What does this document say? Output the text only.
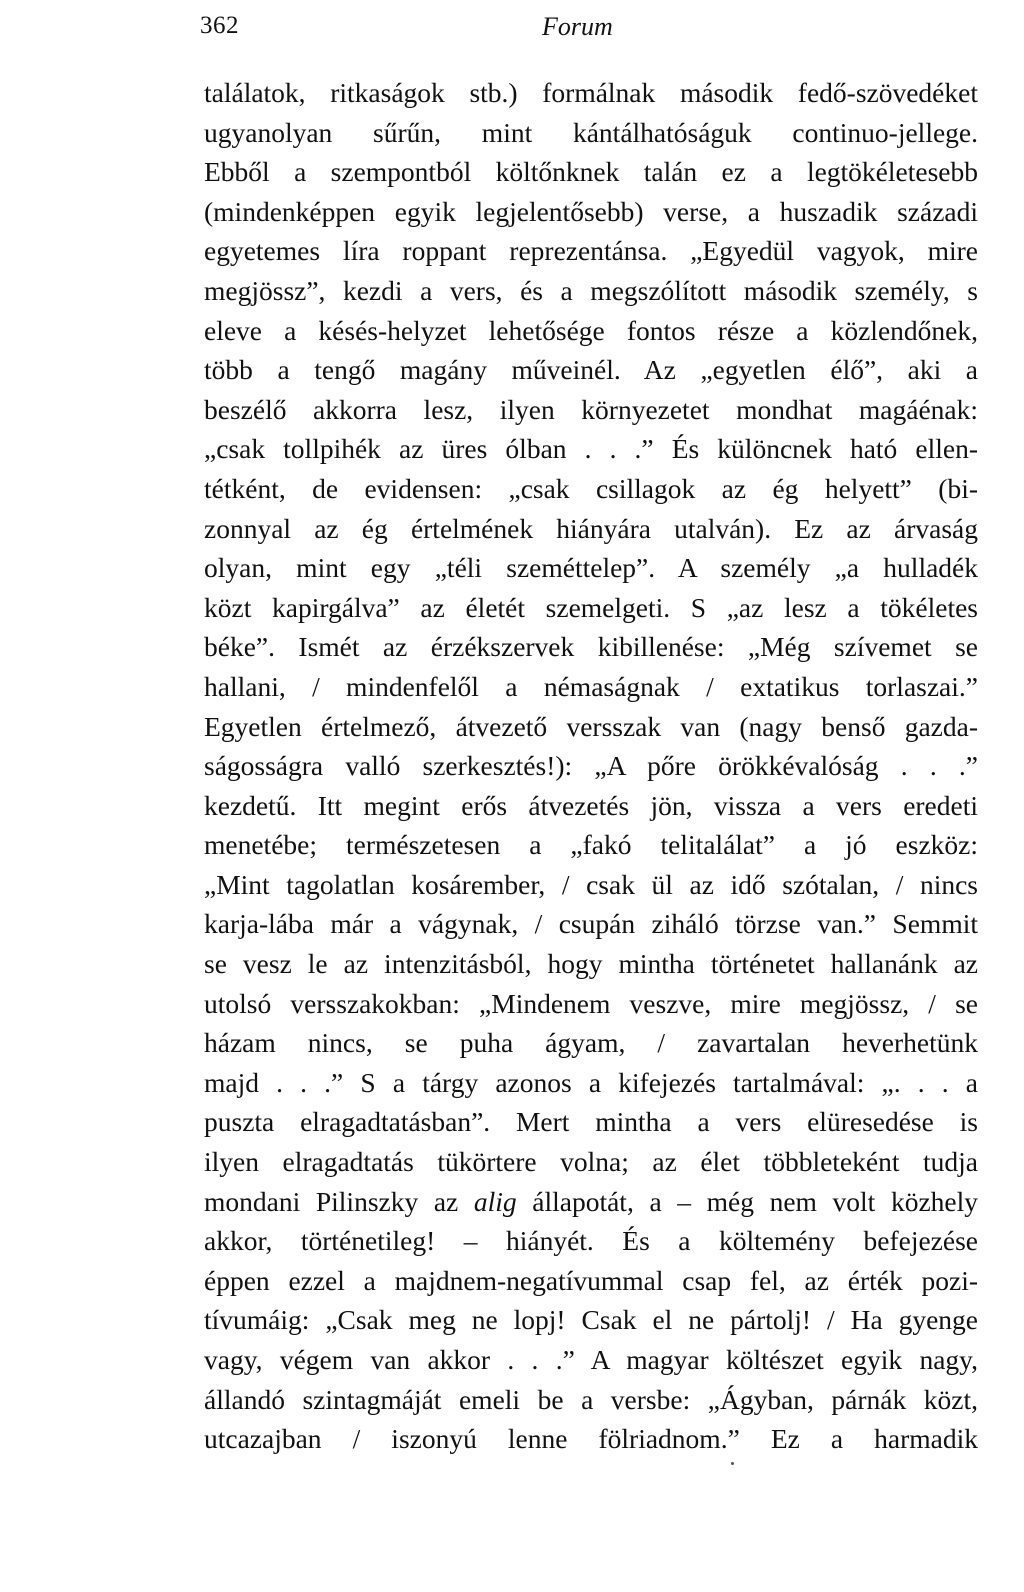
362	Forum
találatok, ritkaságok stb.) formálnak második fedő-szövedéket
ugyanolyan sűrűn, mint kántálhatóságuk continuo-jellege.
Ebből a szempontból költőnknek talán ez a legtökéletesebb
(mindenképpen egyik legjelentősebb) verse, a huszadik századi
egyetemes líra roppant reprezentánsa. „Egyedül vagyok, mire
megjössz”, kezdi a vers, és a megszólított második személy, s
eleve a késés-helyzet lehetősége fontos része a közlendőnek,
több a tengő magány műveinél. Az „egyetlen élő”, aki a
beszélő akkorra lesz, ilyen környezetet mondhat magáénak:
„csak tollpihék az üres ólban . . .” És különcnek ható ellen-
tétként, de evidensen: „csak csillagok az ég helyett” (bi-
zonnyal az ég értelmének hiányára utalván). Ez az árvaság
olyan, mint egy „téli szeméttelep”. A személy „a hulladék
közt kapirgálva” az életét szemelgeti. S „az lesz a tökéletes
béke”. Ismét az érzékszervek kibillenése: „Még szívemet se
hallani, / mindenfelől a némaságnak / extatikus torlaszai.”
Egyetlen értelmező, átvezető versszak van (nagy benső gazda-
ságosságra valló szerkesztés!): „A pőre örökkévalóság . . .”
kezdetű. Itt megint erős átvezetés jön, vissza a vers eredeti
menetébe; természetesen a „fakó telitalálat” a jó eszköz:
„Mint tagolatlan kosárember, / csak ül az idő szótalan, / nincs
karja-lába már a vágynak, / csupán ziháló törzse van.” Semmit
se vesz le az intenzitásból, hogy mintha történetet hallanánk az
utolsó versszakokban: „Mindenem veszve, mire megjössz, / se
házam nincs, se puha ágyam, / zavartalan heverhetünk
majd . . .” S a tárgy azonos a kifejezés tartalmával: „. . . a
puszta elragadtatásban”. Mert mintha a vers elüresedése is
ilyen elragadtatás tükörtere volna; az élet többleteként tudja
mondani Pilinszky az alig állapotát, a – még nem volt közhely
akkor, történetileg! – hiányét. És a költemény befejezése
éppen ezzel a majdnem-negatívummal csap fel, az érték pozi-
tívumáig: „Csak meg ne lopj! Csak el ne pártolj! / Ha gyenge
vagy, végem van akkor . . .” A magyar költészet egyik nagy,
állandó szintagmáját emeli be a versbe: „Ágyban, párnák közt,
utcazajban / iszonyú lenne fölriadnom.” Ez a harmadik
